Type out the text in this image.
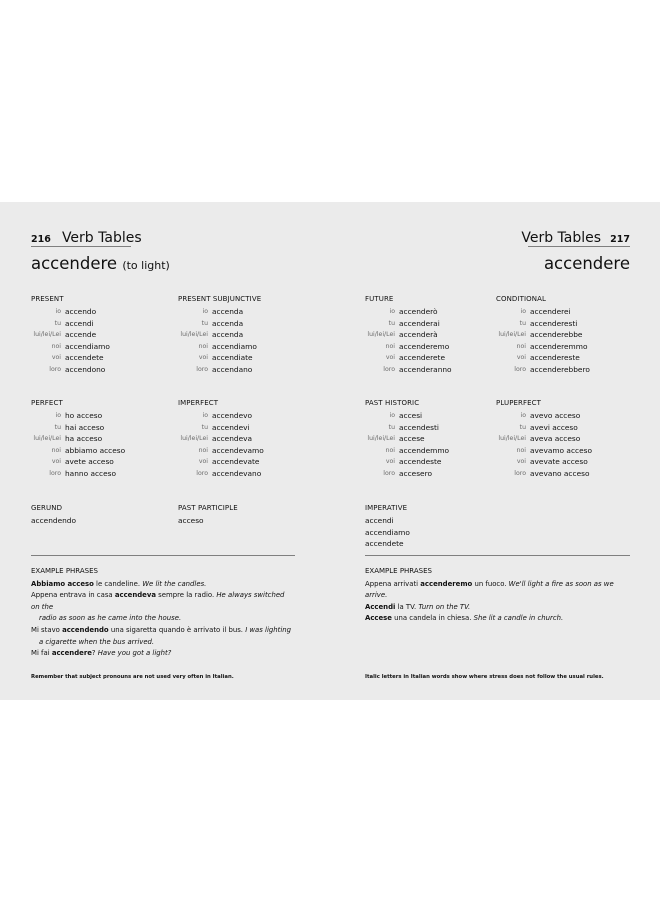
216 Verb Tables
accendere (to light)
PRESENT
io accendo
tu accendi
lui/lei/Lei accende
noi accendiamo
voi accendete
loro accendono
PRESENT SUBJUNCTIVE
io accenda
tu accenda
lui/lei/Lei accenda
noi accendiamo
voi accendiate
loro accendano
PERFECT
io ho acceso
tu hai acceso
lui/lei/Lei ha acceso
noi abbiamo acceso
voi avete acceso
loro hanno acceso
IMPERFECT
io accendevo
tu accendevi
lui/lei/Lei accendeva
noi accendevamo
voi accendevate
loro accendevano
GERUND
accendendo
PAST PARTICIPLE
acceso
EXAMPLE PHRASES

Abbiamo acceso le candeline. We lit the candles.

Appena entrava in casa accendeva sempre la radio. He always switched on the

radio as soon as he came into the house.

Mi stavo accendendo una sigaretta quando è arrivato il bus. I was lighting

a cigarette when the bus arrived.

Mi fai accendere? Have you got a light?

Remember that subject pronouns are not used very often in Italian.
Verb Tables 217
accendere
FUTURE
io accenderò
tu accenderai
lui/lei/Lei accenderà
noi accenderemo
voi accenderete
loro accenderanno
CONDITIONAL
io accenderei
tu accenderesti
lui/lei/Lei accenderebbe
noi accenderemmo
voi accendereste
loro accenderebbero
PAST HISTORIC
io accesi
tu accendesti
lui/lei/Lei accese
noi accendemmo
voi accendeste
loro accesero
PLUPERFECT
io avevo acceso
tu avevi acceso
lui/lei/Lei aveva acceso
noi avevamo acceso
voi avevate acceso
loro avevano acceso
IMPERATIVE
accendi
accendiamo
accendete
EXAMPLE PHRASES

Appena arrivati accenderemo un fuoco. We'll light a fire as soon as we arrive.

Accendi la TV. Turn on the TV.

Accese una candela in chiesa. She lit a candle in church.

Italic letters in Italian words show where stress does not follow the usual rules.
